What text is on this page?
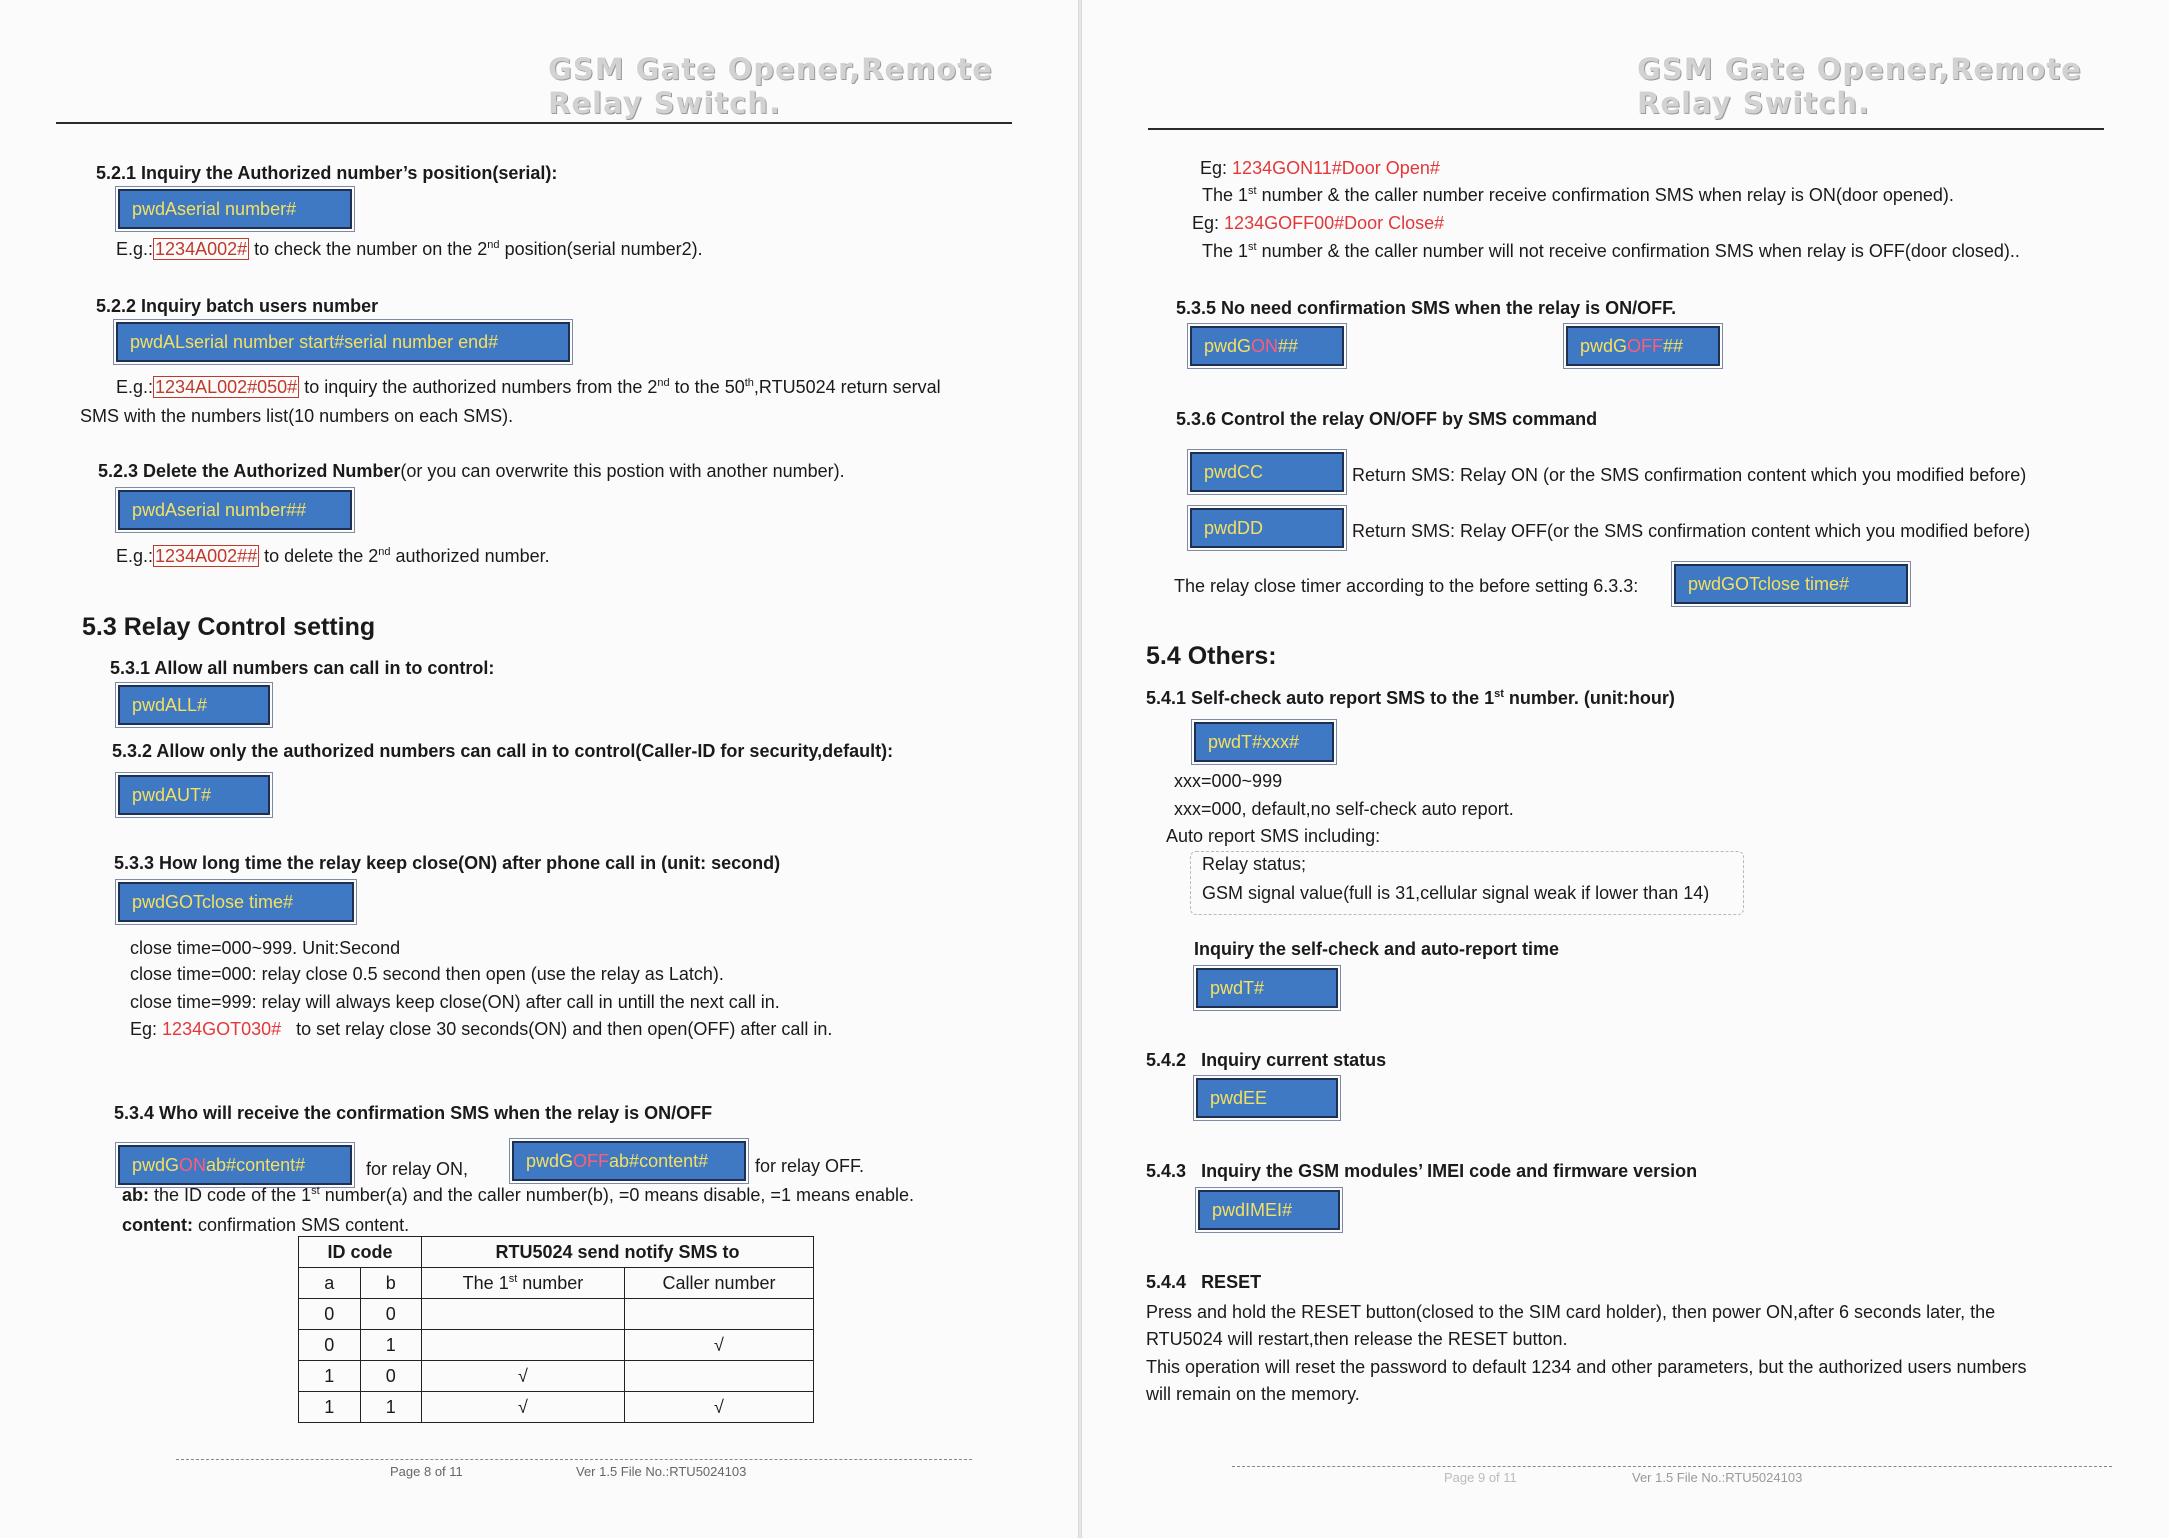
GSM Gate Opener,Remote Relay Switch.
5.2.1 Inquiry the Authorized number’s position(serial):
pwdAserial number#
E.g.: 1234A002# to check the number on the 2nd position(serial number2).
5.2.2 Inquiry batch users number
pwdALserial number start#serial number end#
E.g.: 1234AL002#050# to inquiry the authorized numbers from the 2nd to the 50th,RTU5024 return serval
SMS with the numbers list(10 numbers on each SMS).
5.2.3 Delete the Authorized Number(or you can overwrite this postion with another number).
pwdAserial number##
E.g.: 1234A002## to delete the 2nd authorized number.
5.3 Relay Control setting
5.3.1 Allow all numbers can call in to control:
pwdALL#
5.3.2 Allow only the authorized numbers can call in to control(Caller-ID for security,default):
pwdAUT#
5.3.3 How long time the relay keep close(ON) after phone call in (unit: second)
pwdGOTclose time#
close time=000~999. Unit:Second
close time=000: relay close 0.5 second then open (use the relay as Latch).
close time=999: relay will always keep close(ON) after call in untill the next call in.
Eg: 1234GOT030# to set relay close 30 seconds(ON) and then open(OFF) after call in.
5.3.4 Who will receive the confirmation SMS when the relay is ON/OFF
pwdG ON ab#content#	for relay ON,	pwdG OFF ab#content#	for relay OFF.
ab: the ID code of the 1st number(a) and the caller number(b), =0 means disable, =1 means enable.
content: confirmation SMS content.
ID code		RTU5024 send notify SMS to	
a	b	The 1st number	Caller number
0	0		
0	1		√
1	0	√	
1	1	√	√
Page 8 of 11	Ver 1.5 File No.:RTU5024103
GSM Gate Opener,Remote Relay Switch.
Eg: 1234GON11#Door Open#
The 1st number & the caller number receive confirmation SMS when relay is ON(door opened).
Eg: 1234GOFF00#Door Close#
The 1st number & the caller number will not receive confirmation SMS when relay is OFF(door closed)..
5.3.5 No need confirmation SMS when the relay is ON/OFF.
pwdG ON ##	pwdG OFF ##
5.3.6 Control the relay ON/OFF by SMS command
pwdCC	Return SMS: Relay ON (or the SMS confirmation content which you modified before)
pwdDD	Return SMS: Relay OFF(or the SMS confirmation content which you modified before)
The relay close timer according to the before setting 6.3.3:	pwdGOTclose time#
5.4 Others:
5.4.1 Self-check auto report SMS to the 1st number. (unit:hour)
pwdT#xxx#
xxx=000~999
xxx=000, default,no self-check auto report.
Auto report SMS including:
Relay status;
GSM signal value(full is 31,cellular signal weak if lower than 14)
Inquiry the self-check and auto-report time
pwdT#
5.4.2 Inquiry current status
pwdEE
5.4.3 Inquiry the GSM modules’ IMEI code and firmware version
pwdIMEI#
5.4.4 RESET
Press and hold the RESET button(closed to the SIM card holder), then power ON,after 6 seconds later, the
RTU5024 will restart,then release the RESET button.
This operation will reset the password to default 1234 and other parameters, but the authorized users numbers
will remain on the memory.
Page 9 of 11	Ver 1.5 File No.:RTU5024103
